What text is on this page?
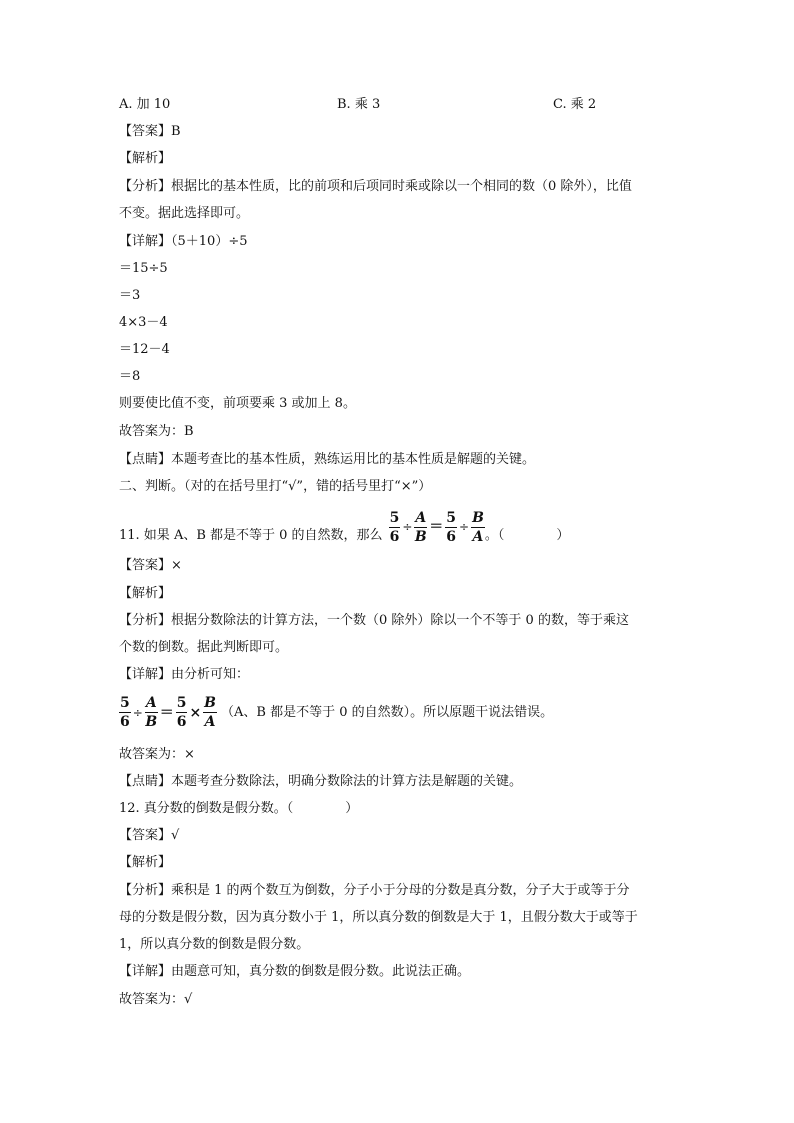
A. 加 10	B. 乘 3	C. 乘 2
【答案】B
【解析】
【分析】根据比的基本性质，比的前项和后项同时乘或除以一个相同的数（0 除外），比值
不变。据此选择即可。
【详解】（5＋10）÷5
＝15÷5
＝3
4×3－4
＝12－4
＝8
则要使比值不变，前项要乘 3 或加上 8。
故答案为：B
【点睛】本题考查比的基本性质，熟练运用比的基本性质是解题的关键。
二、判断。（对的在括号里打“√”，错的括号里打“×”）
11. 如果 A、B 都是不等于 0 的自然数，那么 $\frac{5}{6} \div \frac{A}{B} = \frac{5}{6} \div \frac{B}{A}$ 。（　　　　）
【答案】×
【解析】
【分析】根据分数除法的计算方法，一个数（0 除外）除以一个不等于 0 的数，等于乘这
个数的倒数。据此判断即可。
【详解】由分析可知：
$\frac{5}{6} \div \frac{A}{B} = \frac{5}{6} \times \frac{B}{A} (A$、B 都是不等于 0 的自然数）。所以原题干说法错误。
故答案为：×
【点睛】本题考查分数除法，明确分数除法的计算方法是解题的关键。
12. 真分数的倒数是假分数。（　　　　）
【答案】√
【解析】
【分析】乘积是 1 的两个数互为倒数，分子小于分母的分数是真分数，分子大于或等于分
母的分数是假分数，因为真分数小于 1，所以真分数的倒数是大于 1，且假分数大于或等于
1，所以真分数的倒数是假分数。
【详解】由题意可知，真分数的倒数是假分数。此说法正确。
故答案为：√
